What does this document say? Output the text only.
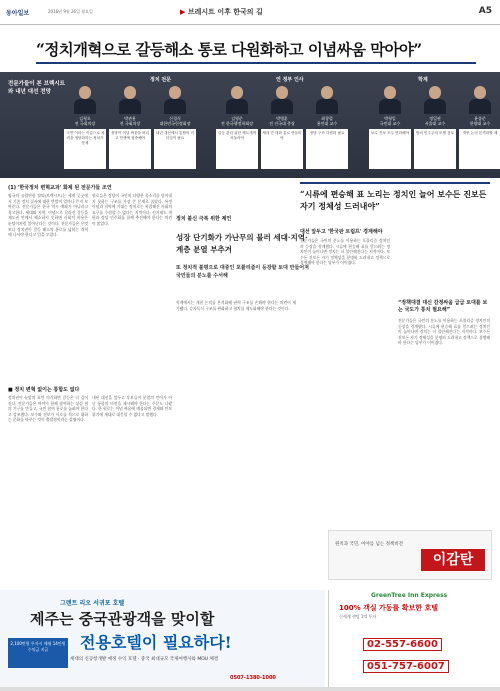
동아일보	2016년 9월 26일 월요일	▶ 브레시트 이후 한국의 길	A5
“정치개혁으로 갈등해소 통로 다원화하고 이념싸움 막아야”
전문가들이 본 브렉시트와 내년 대선 전망
정치 전문	언 정부 인사	학계
김형오
전 국회의장
'국민'이라는 이름으로 폭력을 정당화하는 정치가 문제
박관용
전 국회의장
정당이 이념 싸움을 버리고 민생에 집중해야
신경식
대한민국헌정회장
내년 대선에서 통합의 리더십이 필요
김영준
전 한국행정학회장
갈등 관리 위한 제도개혁 서둘러야
박병훈
전 건국대 총장
세대 간 대화 통로 만들어야
최창렬
용인대 교수
정당 구조 다원화 필요
박형일
국민대 교수
보수 진보 모두 변화해야
정일권
서울대 교수
합의 민주주의 모델 검토
윤종준
한양대 교수
개헌 논의 본격화할 때
(1) '한국정치 변혁교과' 화제 된 전문가들 조언
영국의 유럽연합 탈퇴(브렉시트)는 세계 곳곳에서 기존 정치 질서에 대한 반발이 얼마나 큰지 보여준다. 전문가들은 한국 역시 예외가 아니라고 경고한다. 세대와 지역, 이념으로 갈라진 갈등을 제도권 안에서 해소하지 못하면 사회적 비용은 눈덩이처럼 불어난다는 것이다. 전문가들은 무엇보다 정치권이 갈등 해소의 통로를 넓히는 개혁에 나서야 한다고 입을 모았다.
원로들은 정당이 국민의 다양한 목소리를 담아내지 못하는 구조를 가장 큰 문제로 꼽았다. 특정 이념과 지역에 기대는 정치로는 복잡해진 사회의 요구를 수렴할 수 없다는 지적이다. 선거제도 개편과 정당 민주화를 함께 추진해야 한다는 의견이 많았다.
■ 정치 변혁 없이는 통합도 없다
정치권이 눈앞의 표만 의식하면 갈등은 더 깊어진다. 전문가들은 여야가 함께 참여하는 상설 협의 기구를 만들고, 국민 참여 통로를 늘려야 한다고 강조했다. 보수와 진보가 서로를 적으로 대하는 문화를 바꾸는 것이 출발점이라는 설명이다.
내년 대선을 앞두고 후보들이 분열의 언어가 아닌 통합의 비전을 제시해야 한다는 주문도 나왔다. 한 원로는 이념 싸움에 매몰되면 경제와 안보 위기에 제대로 대응할 수 없다고 말했다.
성장 단기화가 가난무의 불러 세대·지역·계층 분열 부추겨
또 정치적 불평으로 대중인 포퓰리즘이 등장할 토대 만들어져 국민들의 분노를 수서해
정치 불신 극복 위한 제언
학계에서는 개헌 논의를 본격화해 권력 구조를 손봐야 한다는 의견이 제기됐다. 승자독식 구조를 완화하고 협치를 제도화해야 한다는 것이다.
“시류에 편승해 표 노리는 정치인 늘어 보수든 진보든 자기 정체성 드러내야”
대선 앞두고 '한국판 트럼프' 경계해야
전문가들은 국민의 분노를 이용하는 포퓰리즘 정치인의 등장을 경계했다. 시류에 편승해 표를 얻으려는 정치인이 늘어나면 정치는 더 불안해진다는 지적이다. 보수든 진보든 자기 정체성을 분명히 드러내고 정책으로 경쟁해야 한다는 당부가 이어졌다.
“정책대결 대신 감정싸움 급급 토대를 보는 국도가 통치 필요해”
전문가들은 국민의 분노를 이용하는 포퓰리즘 정치인의 등장을 경계했다. 시류에 편승해 표를 얻으려는 정치인이 늘어나면 정치는 더 불안해진다는 지적이다. 보수든 진보든 자기 정체성을 분명히 드러내고 정책으로 경쟁해야 한다는 당부가 이어졌다.
원칙과 국민, 여야를 넘는 정책비전
이감탄
그랜트 리오 서귀포 호텔
제주는 중국관광객을 맞이할
전용호텔이 필요하다!
세대의 신공항개발 예정 수익 호텔 · 중국 최대규모 국제여행사와 MOU 체결
2,100만원 투자시 매월 14만원 수익금 지급
0507-1380-1000
GreenTree Inn Express
100% 객실 가동률 확보한 호텔
신세계 센텀 1억 투자
02-557-6600
051-757-6007
